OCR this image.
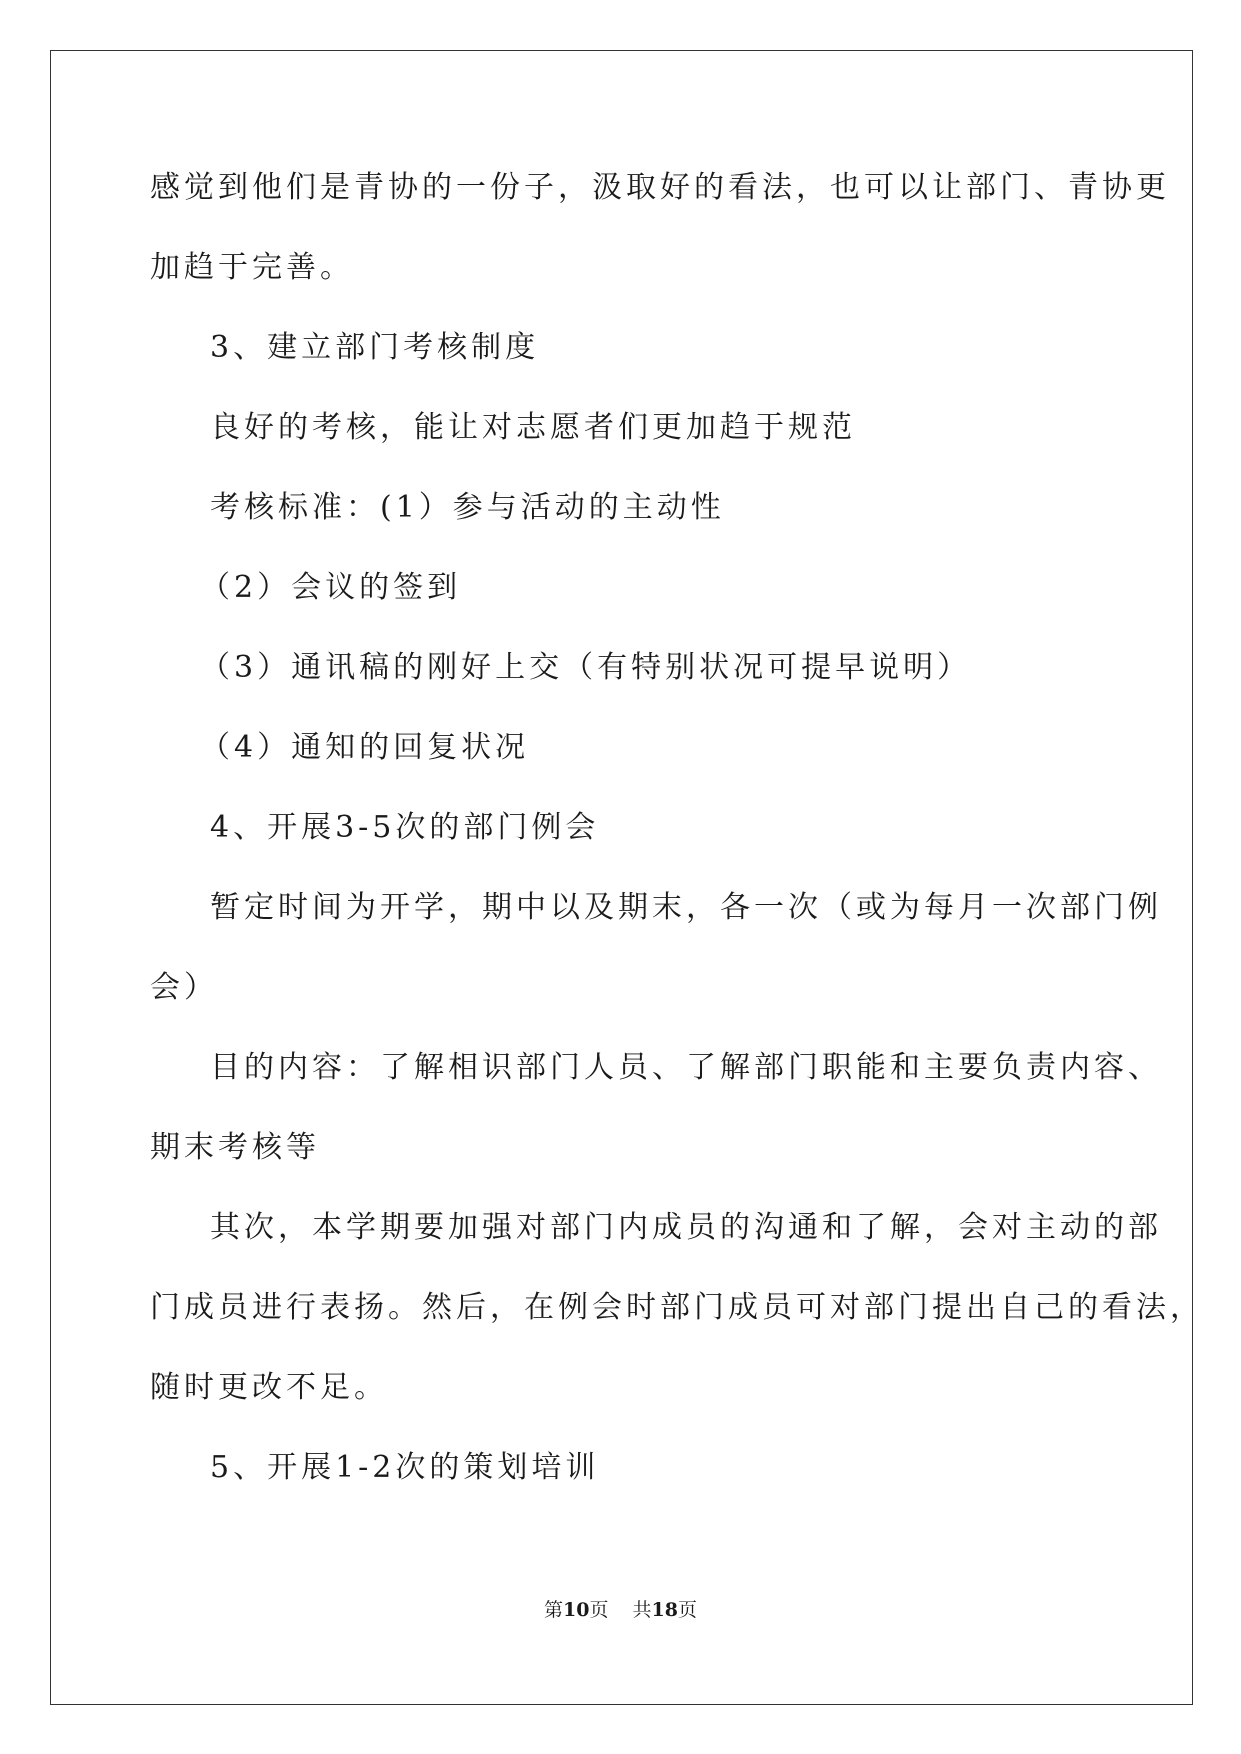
感觉到他们是青协的一份子，汲取好的看法，也可以让部门、青协更
加趋于完善。
3、建立部门考核制度
良好的考核，能让对志愿者们更加趋于规范
考核标准：(1）参与活动的主动性
（2）会议的签到
（3）通讯稿的刚好上交（有特别状况可提早说明）
（4）通知的回复状况
4、开展3-5次的部门例会
暂定时间为开学，期中以及期末，各一次（或为每月一次部门例
会）
目的内容：了解相识部门人员、了解部门职能和主要负责内容、
期末考核等
其次，本学期要加强对部门内成员的沟通和了解，会对主动的部
门成员进行表扬。然后，在例会时部门成员可对部门提出自己的看法，
随时更改不足。
5、开展1-2次的策划培训
第10页 共18页
